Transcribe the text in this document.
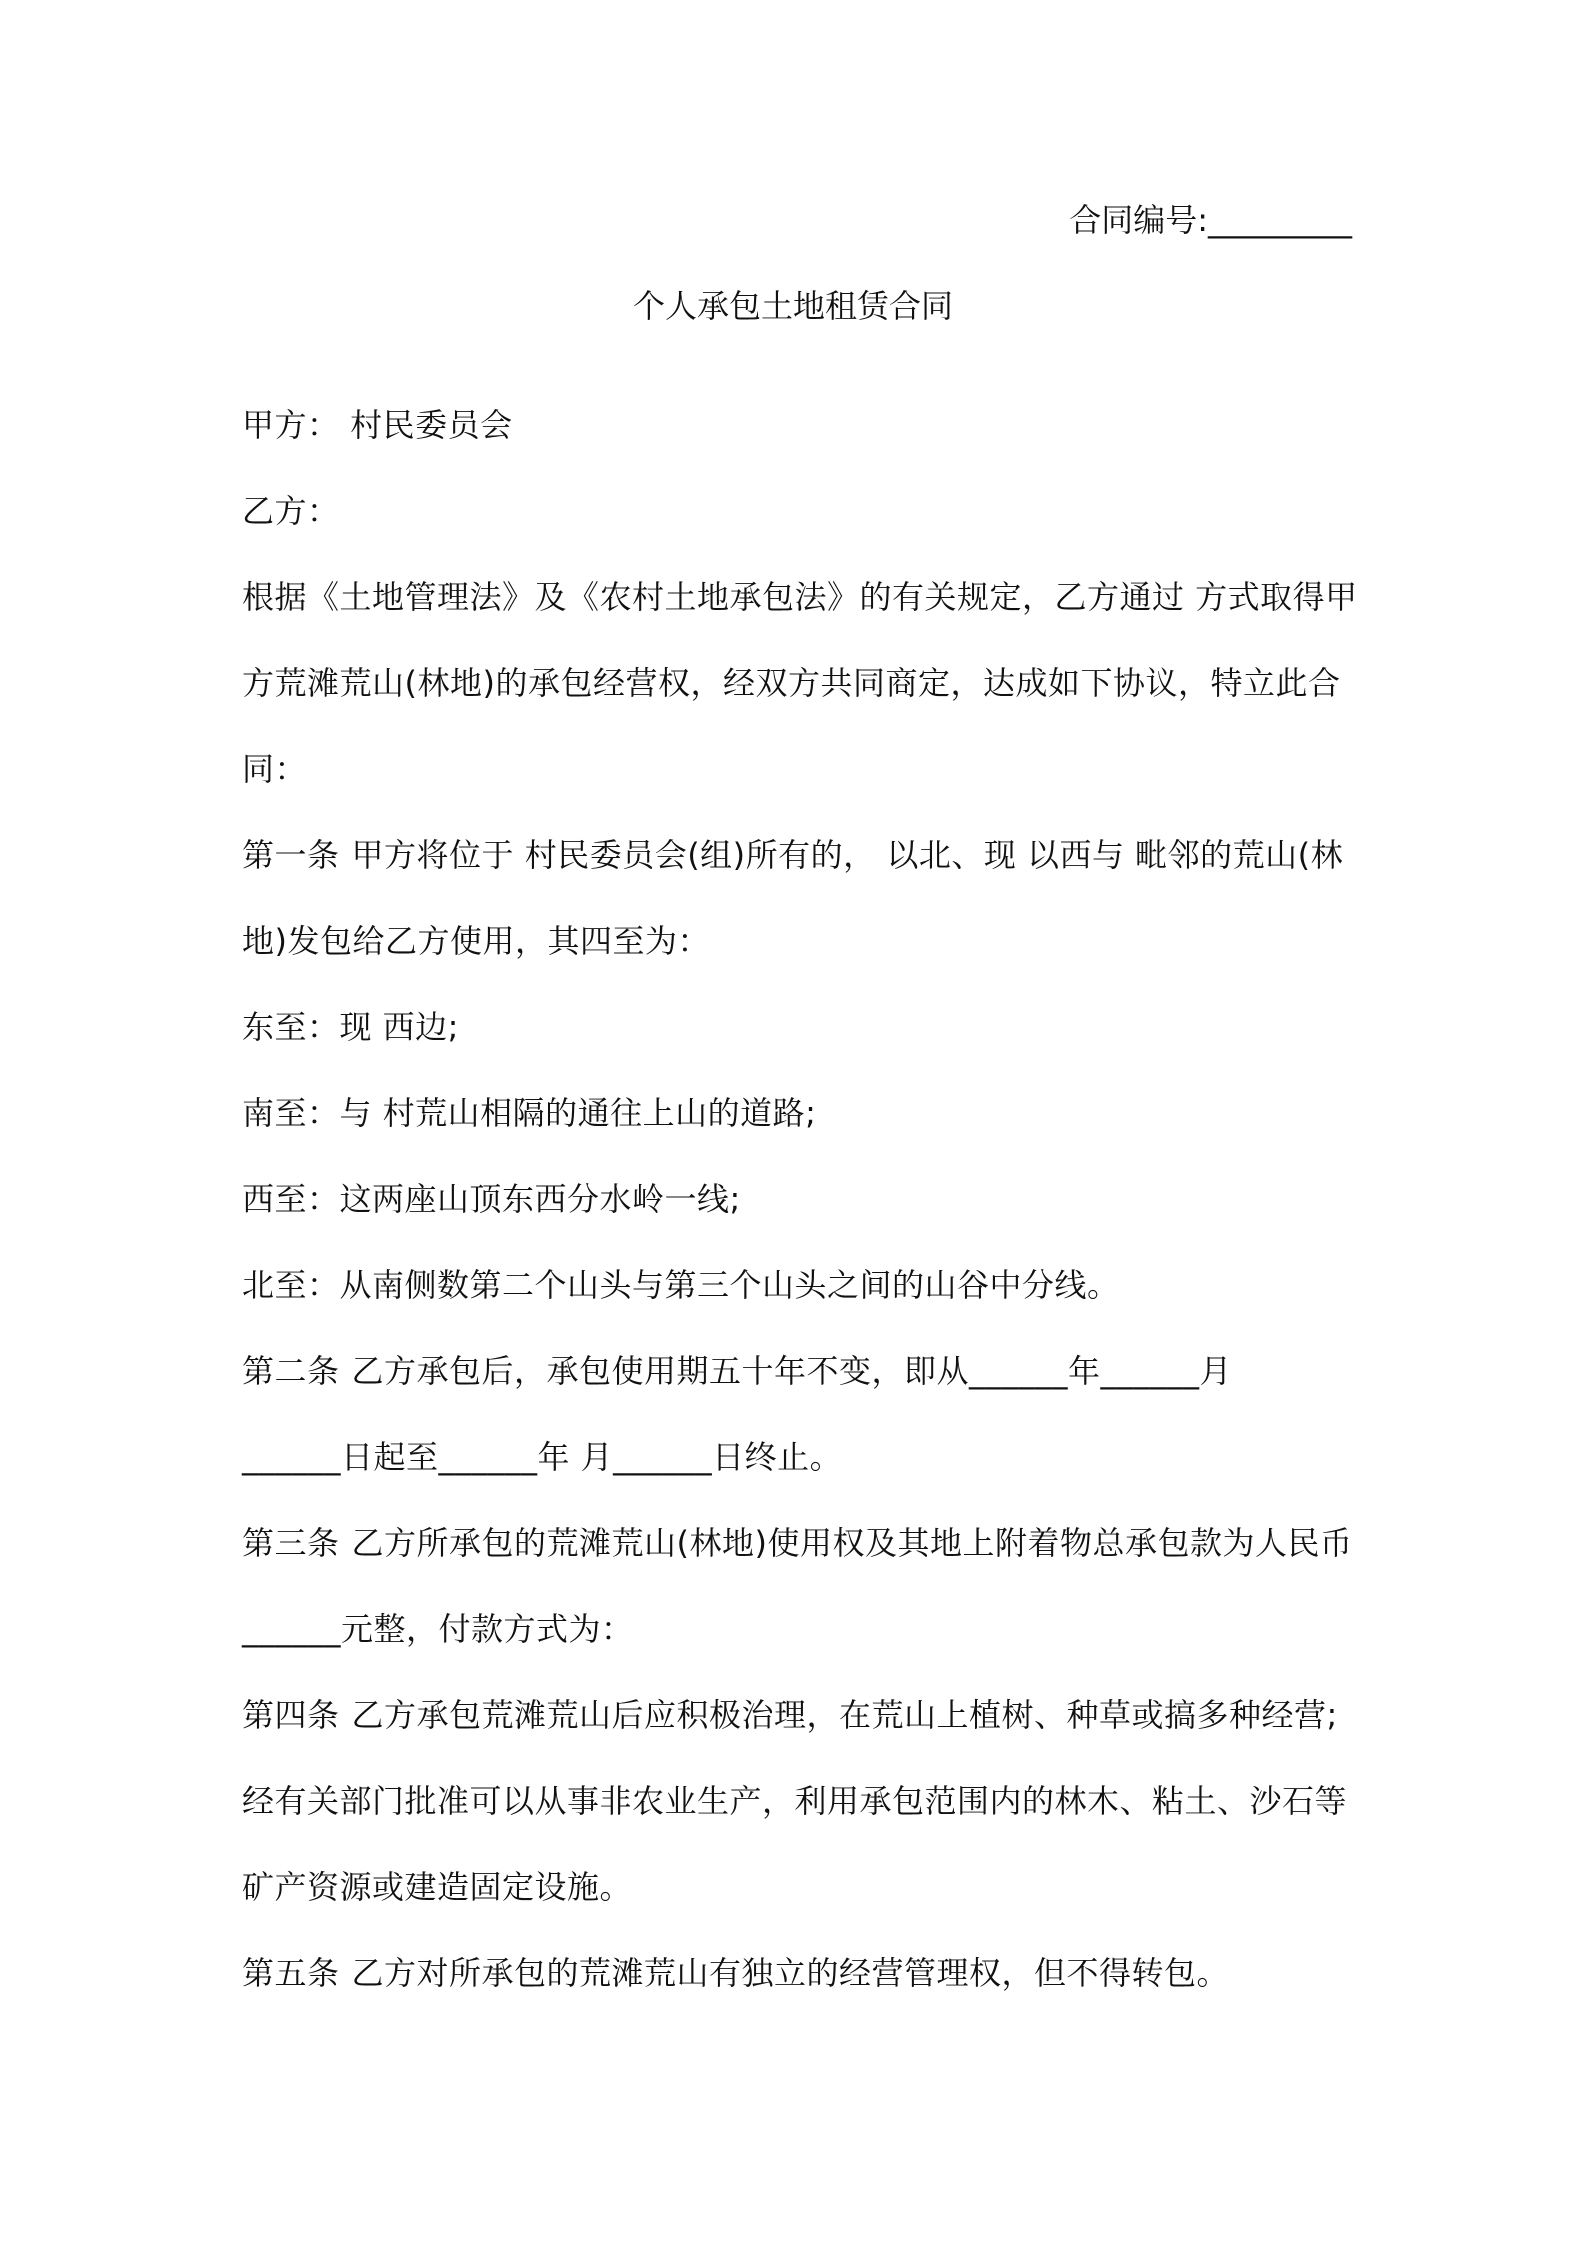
合同编号:_________
个人承包土地租赁合同
甲方： 村民委员会
乙方：
根据《土地管理法》及《农村土地承包法》的有关规定，乙方通过 方式取得甲
方荒滩荒山(林地)的承包经营权，经双方共同商定，达成如下协议，特立此合
同：
第一条 甲方将位于 村民委员会(组)所有的， 以北、现 以西与 毗邻的荒山(林
地)发包给乙方使用，其四至为：
东至：现 西边;
南至：与 村荒山相隔的通往上山的道路;
西至：这两座山顶东西分水岭一线;
北至：从南侧数第二个山头与第三个山头之间的山谷中分线。
第二条 乙方承包后，承包使用期五十年不变，即从______年______月
______日起至______年 月______日终止。
第三条 乙方所承包的荒滩荒山(林地)使用权及其地上附着物总承包款为人民币
______元整，付款方式为：
第四条 乙方承包荒滩荒山后应积极治理，在荒山上植树、种草或搞多种经营;
经有关部门批准可以从事非农业生产，利用承包范围内的林木、粘土、沙石等
矿产资源或建造固定设施。
第五条 乙方对所承包的荒滩荒山有独立的经营管理权，但不得转包。
